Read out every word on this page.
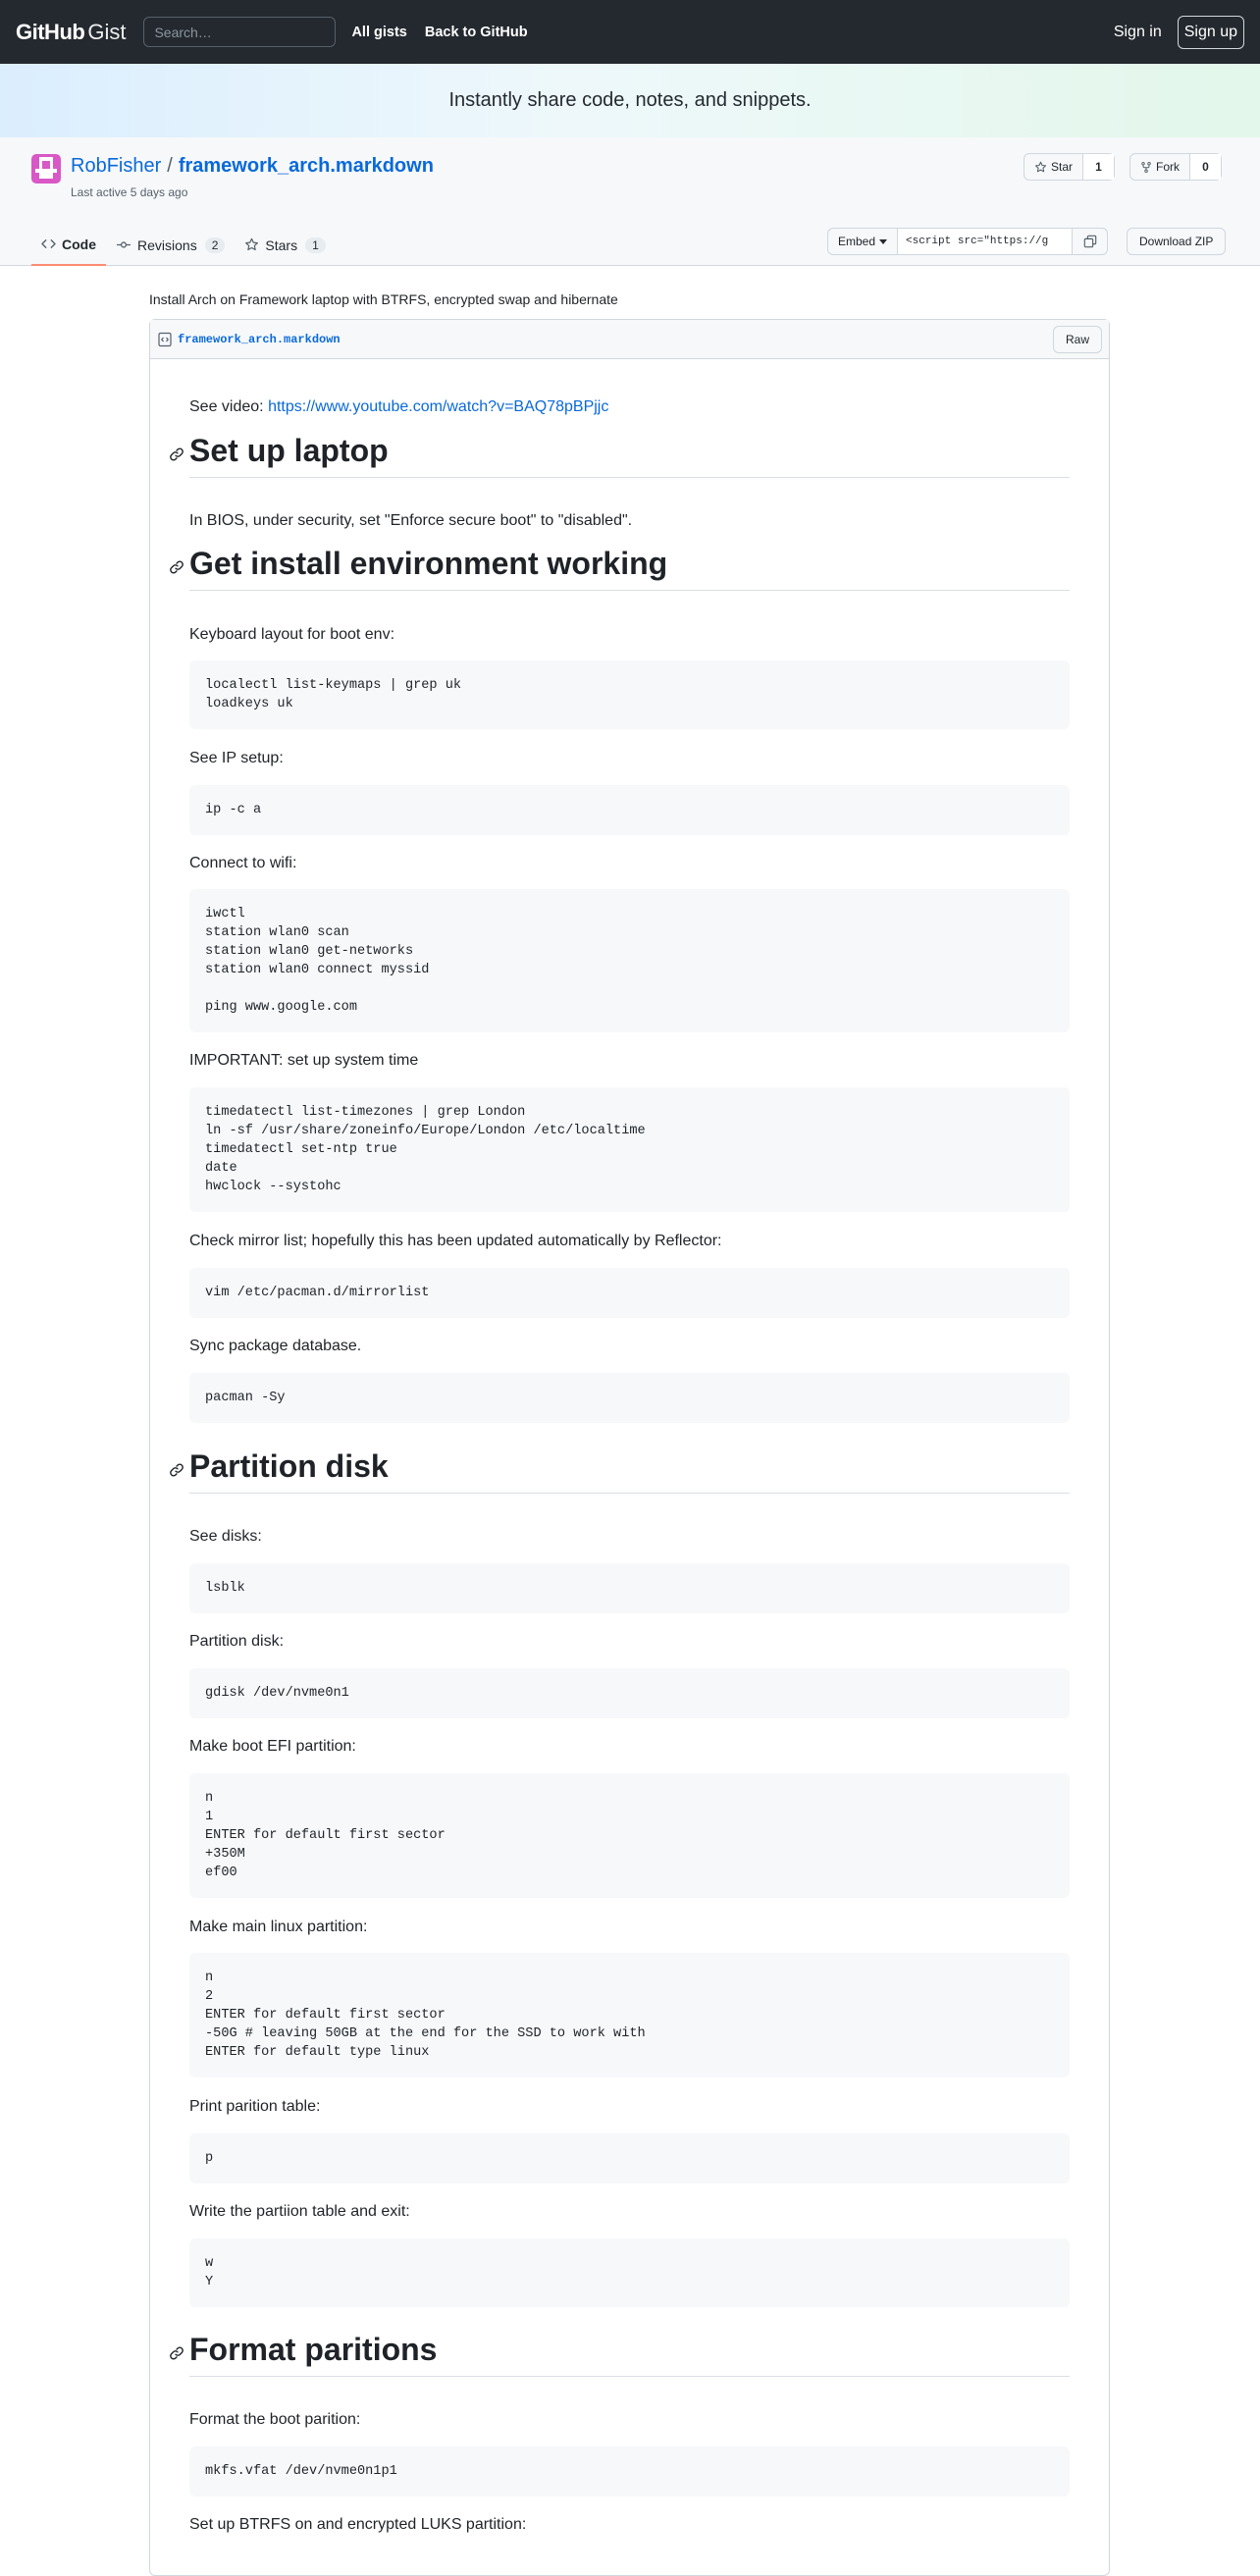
GitHub Gist
Search…	All gists Back to GitHub	Sign in	Sign up
Instantly share code, notes, and snippets.
RobFisher / framework_arch.markdown
Last active 5 days ago
Star	1	Fork	0
Code	Revisions	2	Stars	1	Embed
<script src="https://g	Download ZIP
Install Arch on Framework laptop with BTRFS, encrypted swap and hibernate
framework_arch.markdown	Raw
See video: https://www.youtube.com/watch?v=BAQ78pBPjjc
Set up laptop
In BIOS, under security, set "Enforce secure boot" to "disabled".
Get install environment working
Keyboard layout for boot env:
localectl list-keymaps | grep uk
loadkeys uk
See IP setup:
ip -c a
Connect to wifi:
iwctl
station wlan0 scan
station wlan0 get-networks
station wlan0 connect myssid
ping www.google.com
IMPORTANT: set up system time
timedatectl list-timezones | grep London
ln -sf /usr/share/zoneinfo/Europe/London /etc/localtime
timedatectl set-ntp true
date
hwclock --systohc
Check mirror list; hopefully this has been updated automatically by Reflector:
vim /etc/pacman.d/mirrorlist
Sync package database.
pacman -Sy
Partition disk
See disks:
lsblk
Partition disk:
gdisk /dev/nvme0n1
Make boot EFI partition:
n
1
ENTER for default first sector
+350M
ef00
Make main linux partition:
n
2
ENTER for default first sector
-50G # leaving 50GB at the end for the SSD to work with
ENTER for default type linux
Print parition table:
p
Write the partiion table and exit:
w
Y
Format paritions
Format the boot parition:
mkfs.vfat /dev/nvme0n1p1
Set up BTRFS on and encrypted LUKS partition:
